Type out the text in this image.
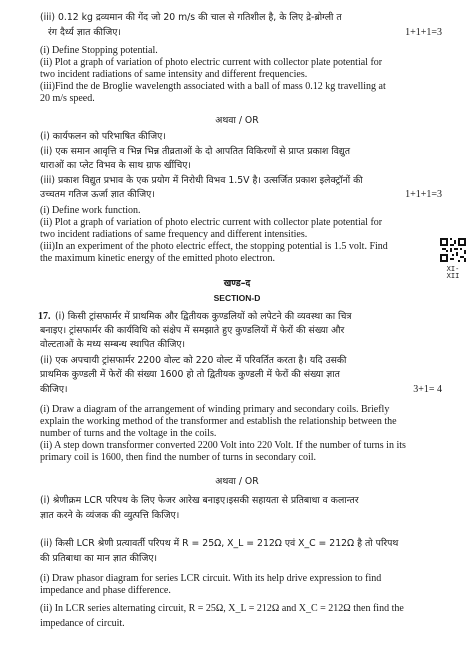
(iii) 0.12 kg द्रव्यमान की गेंद जो 20 m/s की चाल से गतिशील है, के लिए द्रे-ब्रोग्ली त
रंग दैर्ध्य ज्ञात कीजिए।	1+1+1=3
(i) Define Stopping potential.
(ii) Plot a graph of variation of photo electric current with collector plate potential for
two incident radiations of same intensity and different frequencies.
(iii)Find the de Broglie wavelength associated with a ball of mass 0.12 kg travelling at
20 m/s speed.
अथवा / OR
(i) कार्यफलन को परिभाषित कीजिए।
(ii) एक समान आवृत्ति व भिन्न भिन्न तीव्रताओं के दो आपतित विकिरणों से प्राप्त प्रकाश विद्युत
धाराओं का प्लेट विभव के साथ ग्राफ खींचिए।
(iii) प्रकाश विद्युत प्रभाव के एक प्रयोग में निरोधी विभव 1.5V है। उत्सर्जित प्रकाश इलेक्ट्रॉनों की
उच्चतम गतिज ऊर्जा ज्ञात कीजिए।	1+1+1=3
(i) Define work function.
(ii) Plot a graph of variation of photo electric current with collector plate potential for
two incident radiations of same frequency and different intensities.
(iii)In an experiment of the photo electric effect, the stopping potential is 1.5 volt. Find
the maximum kinetic energy of the emitted photo electron.
खण्ड–द
SECTION-D
17. (i) किसी ट्रांसफार्मर में प्राथमिक और द्वितीयक कुण्डलियों को लपेटने की व्यवस्था का चित्र
बनाइए। ट्रांसफार्मर की कार्यविधि को संक्षेप में समझाते हुए कुण्डलियों में फेरों की संख्या और
वोल्टताओं के मध्य सम्बन्ध स्थापित कीजिए।
(ii) एक अपचायी ट्रांसफार्मर 2200 वोल्ट को 220 वोल्ट में परिवर्तित करता है। यदि उसकी
प्राथमिक कुण्डली में फेरों की संख्या 1600 हो तो द्वितीयक कुण्डली में फेरों की संख्या ज्ञात
कीजिए।	3+1= 4
(i) Draw a diagram of the arrangement of winding primary and secondary coils. Briefly
explain the working method of the transformer and establish the relationship between the
number of turns and the voltage in the coils.
(ii) A step down transformer converted 2200 Volt into 220 Volt. If the number of turns in its
primary coil is 1600, then find the number of turns in secondary coil.
अथवा / OR
(i) श्रेणीक्रम LCR परिपथ के लिए फेजर आरेख बनाइए।इसकी सहायता से प्रतिबाधा व कलान्तर
ज्ञात करने के व्यंजक की व्युत्पत्ति किजिए।
(ii) किसी LCR श्रेणी प्रत्यावर्ती परिपथ में R = 25Ω, X_L = 212Ω एवं X_C = 212Ω है तो परिपथ
की प्रतिबाधा का मान ज्ञात कीजिए।
(i) Draw phasor diagram for series LCR circuit. With its help drive expression to find
impedance and phase difference.
(ii) In LCR series alternating circuit, R = 25Ω, X_L = 212Ω and X_C = 212Ω then find the
impedance of circuit.
XI-XII
